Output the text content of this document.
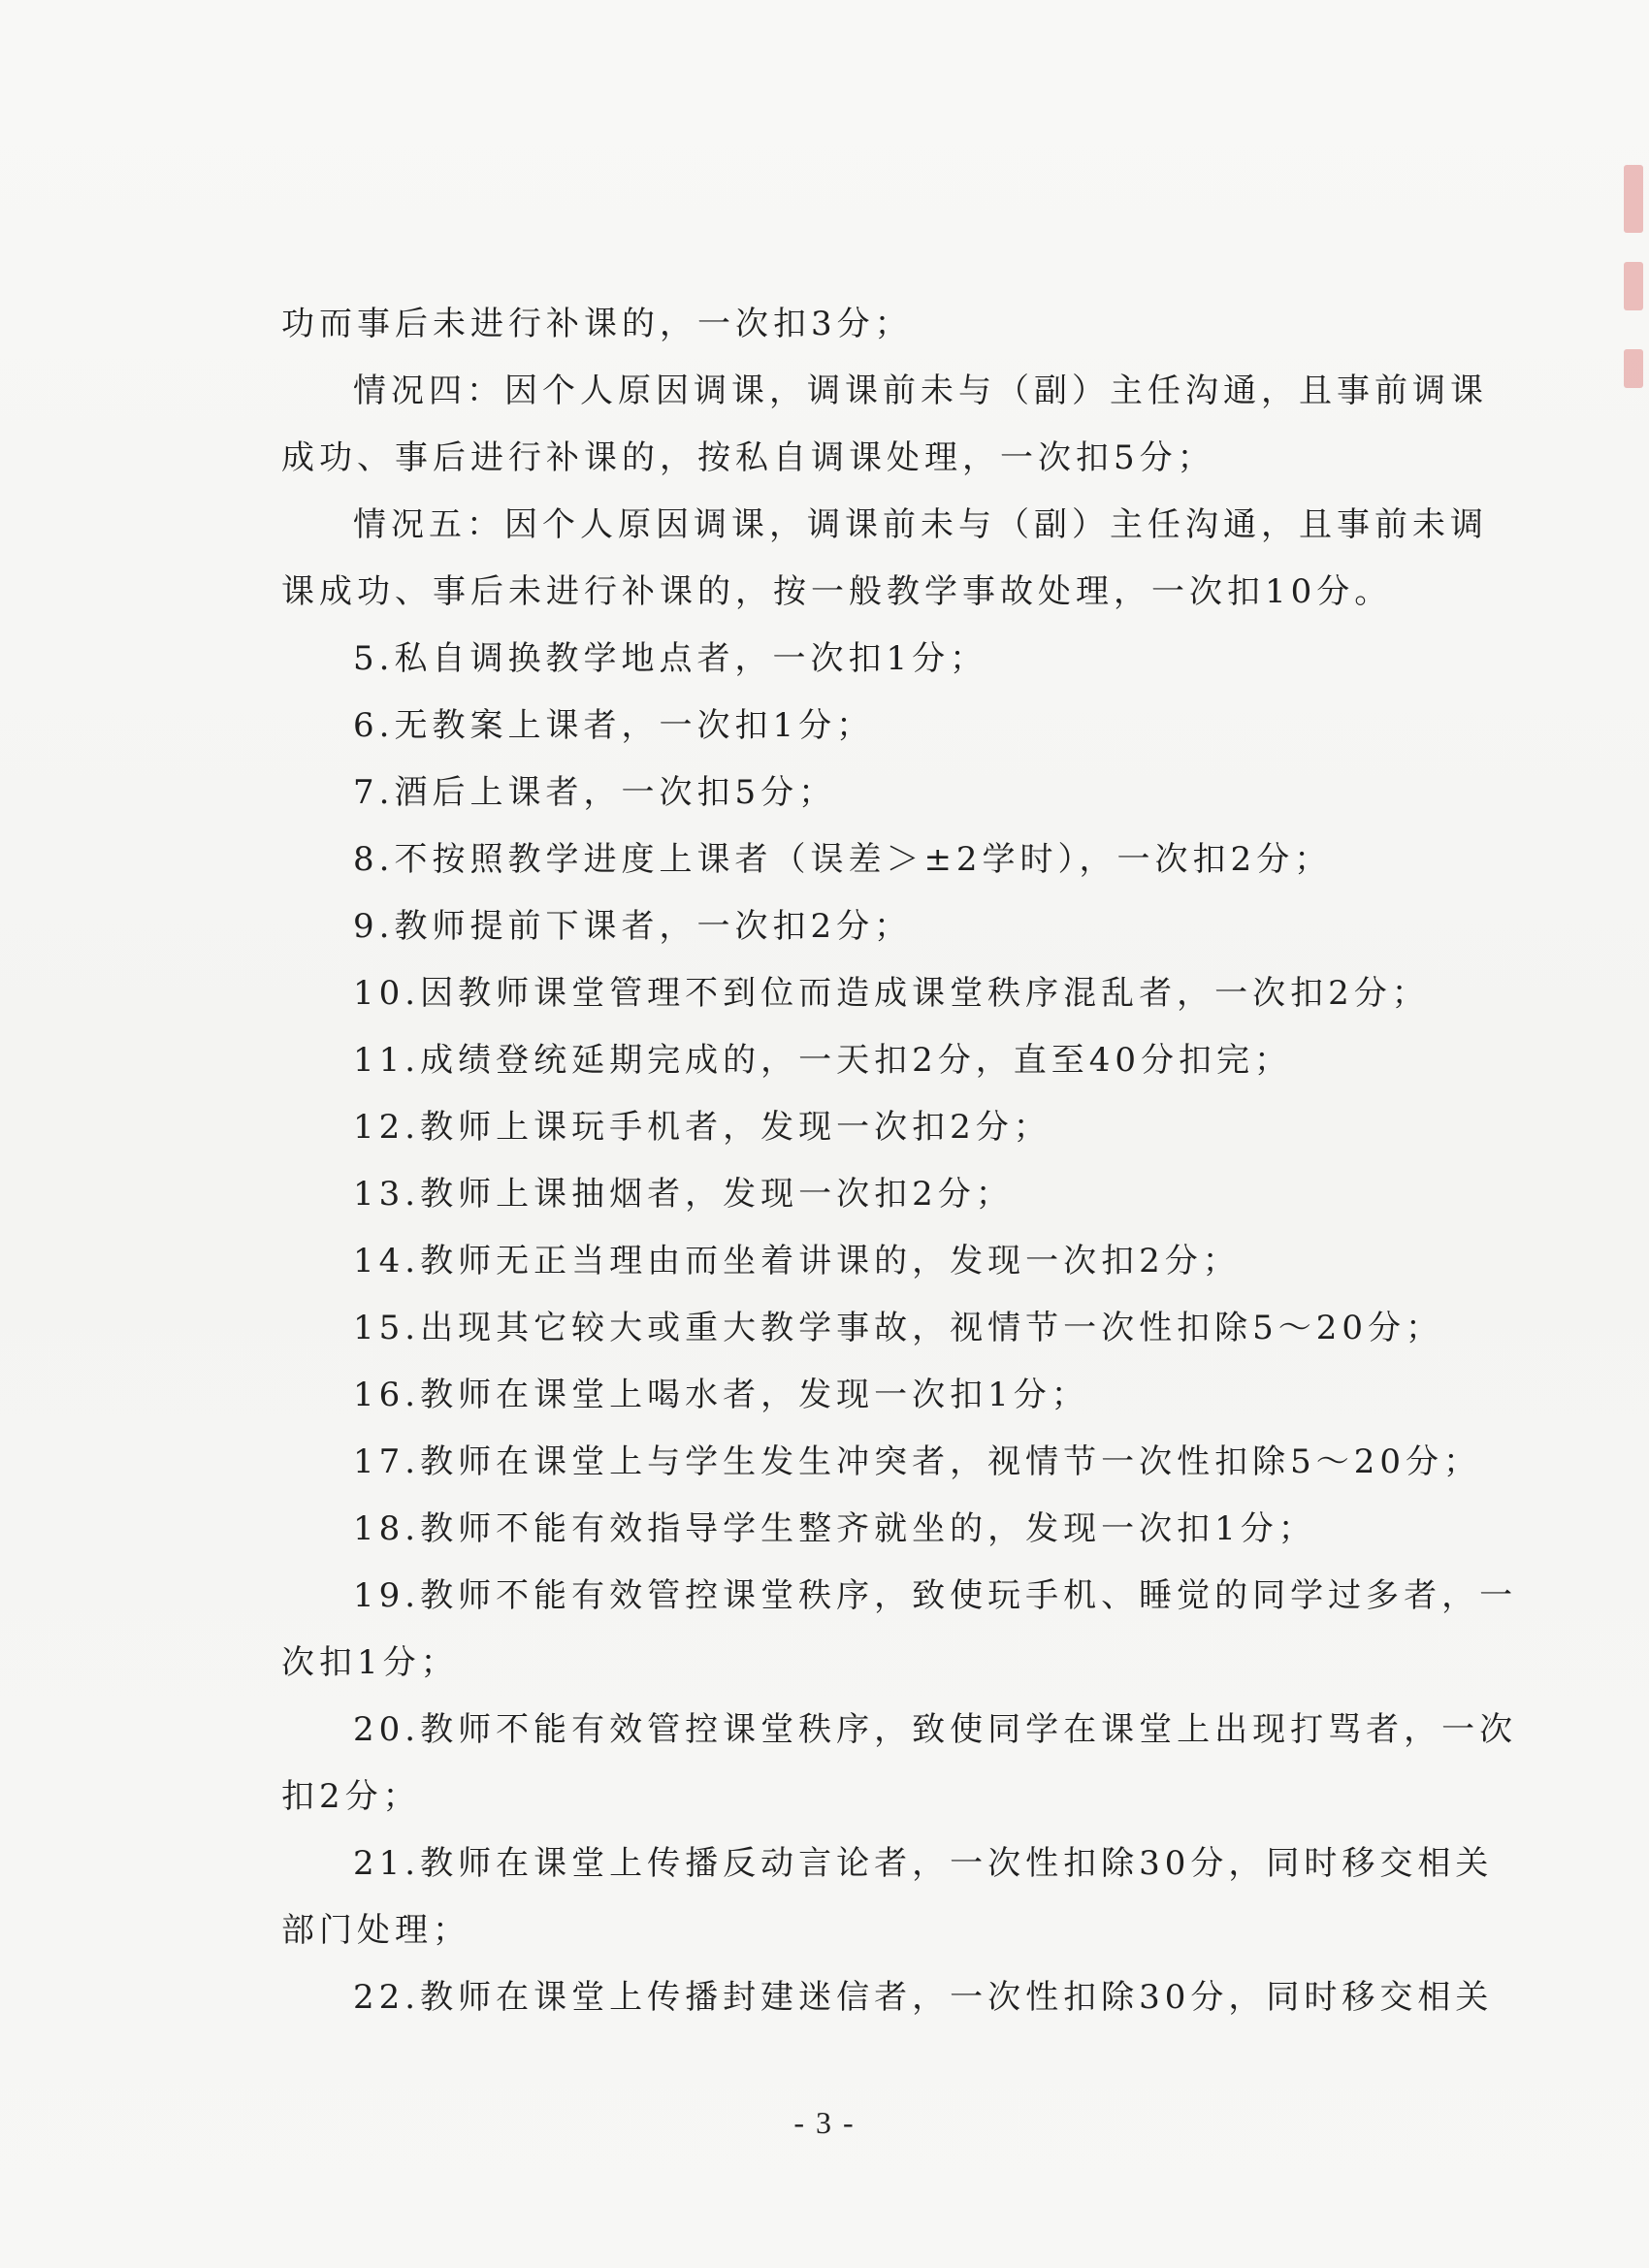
功而事后未进行补课的，一次扣3分；
情况四：因个人原因调课，调课前未与（副）主任沟通，且事前调课
成功、事后进行补课的，按私自调课处理，一次扣5分；
情况五：因个人原因调课，调课前未与（副）主任沟通，且事前未调
课成功、事后未进行补课的，按一般教学事故处理，一次扣10分。
5.私自调换教学地点者，一次扣1分；
6.无教案上课者，一次扣1分；
7.酒后上课者，一次扣5分；
8.不按照教学进度上课者（误差＞±2学时），一次扣2分；
9.教师提前下课者，一次扣2分；
10.因教师课堂管理不到位而造成课堂秩序混乱者，一次扣2分；
11.成绩登统延期完成的，一天扣2分，直至40分扣完；
12.教师上课玩手机者，发现一次扣2分；
13.教师上课抽烟者，发现一次扣2分；
14.教师无正当理由而坐着讲课的，发现一次扣2分；
15.出现其它较大或重大教学事故，视情节一次性扣除5～20分；
16.教师在课堂上喝水者，发现一次扣1分；
17.教师在课堂上与学生发生冲突者，视情节一次性扣除5～20分；
18.教师不能有效指导学生整齐就坐的，发现一次扣1分；
19.教师不能有效管控课堂秩序，致使玩手机、睡觉的同学过多者，一
次扣1分；
20.教师不能有效管控课堂秩序，致使同学在课堂上出现打骂者，一次
扣2分；
21.教师在课堂上传播反动言论者，一次性扣除30分，同时移交相关
部门处理；
22.教师在课堂上传播封建迷信者，一次性扣除30分，同时移交相关
- 3 -
